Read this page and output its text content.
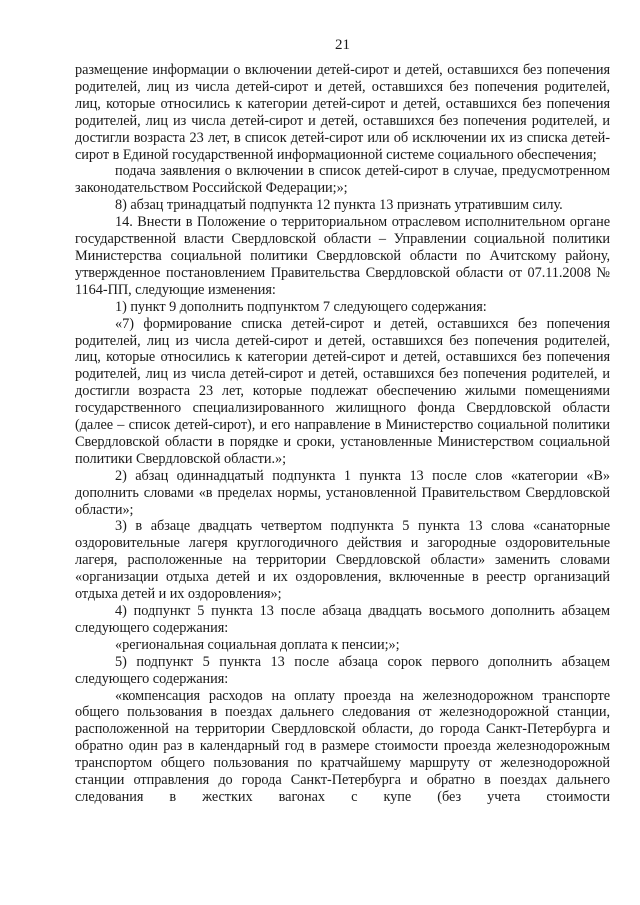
21

размещение информации о включении детей-сирот и детей, оставшихся без попечения родителей, лиц из числа детей-сирот и детей, оставшихся без попечения родителей, лиц, которые относились к категории детей-сирот и детей, оставшихся без попечения родителей, лиц из числа детей-сирот и детей, оставшихся без попечения родителей, и достигли возраста 23 лет, в список детей-сирот или об исключении их из списка детей-сирот в Единой государственной информационной системе социального обеспечения;

подача заявления о включении в список детей-сирот в случае, предусмотренном законодательством Российской Федерации;»;

8) абзац тринадцатый подпункта 12 пункта 13 признать утратившим силу.

14. Внести в Положение о территориальном отраслевом исполнительном органе государственной власти Свердловской области – Управлении социальной политики Министерства социальной политики Свердловской области по Ачитскому району, утвержденное постановлением Правительства Свердловской области от 07.11.2008 № 1164-ПП, следующие изменения:

1) пункт 9 дополнить подпунктом 7 следующего содержания:

«7) формирование списка детей-сирот и детей, оставшихся без попечения родителей, лиц из числа детей-сирот и детей, оставшихся без попечения родителей, лиц, которые относились к категории детей-сирот и детей, оставшихся без попечения родителей, лиц из числа детей-сирот и детей, оставшихся без попечения родителей, и достигли возраста 23 лет, которые подлежат обеспечению жилыми помещениями государственного специализированного жилищного фонда Свердловской области (далее – список детей-сирот), и его направление в Министерство социальной политики Свердловской области в порядке и сроки, установленные Министерством социальной политики Свердловской области.»;

2) абзац одиннадцатый подпункта 1 пункта 13 после слов «категории «В» дополнить словами «в пределах нормы, установленной Правительством Свердловской области»;

3) в абзаце двадцать четвертом подпункта 5 пункта 13 слова «санаторные оздоровительные лагеря круглогодичного действия и загородные оздоровительные лагеря, расположенные на территории Свердловской области» заменить словами «организации отдыха детей и их оздоровления, включенные в реестр организаций отдыха детей и их оздоровления»;

4) подпункт 5 пункта 13 после абзаца двадцать восьмого дополнить абзацем следующего содержания:

«региональная социальная доплата к пенсии;»;

5) подпункт 5 пункта 13 после абзаца сорок первого дополнить абзацем следующего содержания:

«компенсация расходов на оплату проезда на железнодорожном транспорте общего пользования в поездах дальнего следования от железнодорожной станции, расположенной на территории Свердловской области, до города Санкт-Петербурга и обратно один раз в календарный год в размере стоимости проезда железнодорожным транспортом общего пользования по кратчайшему маршруту от железнодорожной станции отправления до города Санкт-Петербурга и обратно в поездах дальнего следования в жестких вагонах с купе (без учета стоимости
